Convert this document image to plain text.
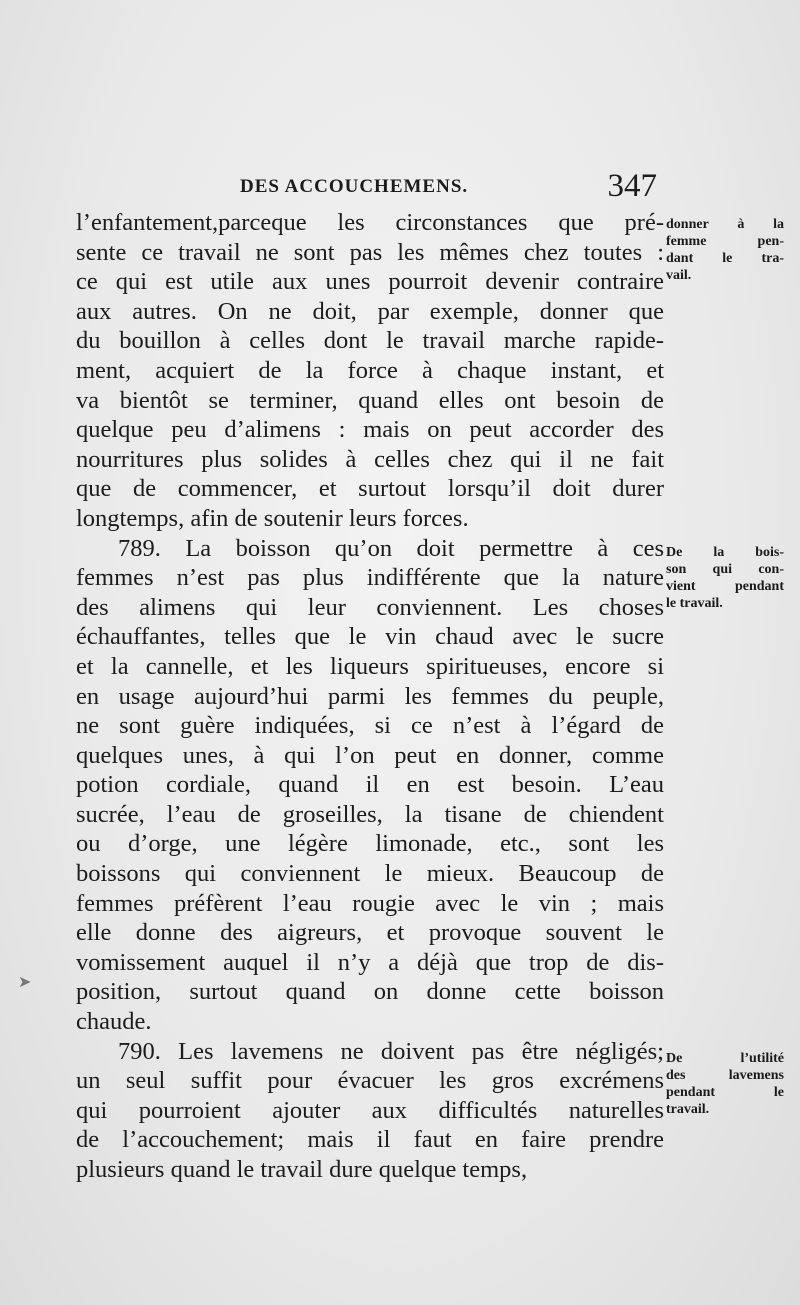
DES ACCOUCHEMENS.	347
l’enfantement,parceque les circonstances que pré-
sente ce travail ne sont pas les mêmes chez toutes :
ce qui est utile aux unes pourroit devenir contraire
aux autres. On ne doit, par exemple, donner que
du bouillon à celles dont le travail marche rapide-
ment, acquiert de la force à chaque instant, et
va bientôt se terminer, quand elles ont besoin de
quelque peu d’alimens : mais on peut accorder des
nourritures plus solides à celles chez qui il ne fait
que de commencer, et surtout lorsqu’il doit durer
longtemps, afin de soutenir leurs forces.
789. La boisson qu’on doit permettre à ces
femmes n’est pas plus indifférente que la nature
des alimens qui leur conviennent. Les choses
échauffantes, telles que le vin chaud avec le sucre
et la cannelle, et les liqueurs spiritueuses, encore si
en usage aujourd’hui parmi les femmes du peuple,
ne sont guère indiquées, si ce n’est à l’égard de
quelques unes, à qui l’on peut en donner, comme
potion cordiale, quand il en est besoin. L’eau
sucrée, l’eau de groseilles, la tisane de chiendent
ou d’orge, une légère limonade, etc., sont les
boissons qui conviennent le mieux. Beaucoup de
femmes préfèrent l’eau rougie avec le vin ; mais
elle donne des aigreurs, et provoque souvent le
vomissement auquel il n’y a déjà que trop de dis-
position, surtout quand on donne cette boisson
chaude.
790. Les lavemens ne doivent pas être négligés;
un seul suffit pour évacuer les gros excrémens
qui pourroient ajouter aux difficultés naturelles
de l’accouchement; mais il faut en faire prendre
plusieurs quand le travail dure quelque temps,
donner à la
femme pen-
dant le tra-
vail.
De la bois-
son qui con-
vient pendant
le travail.
De l’utilité
des lavemens
pendant le
travail.
➤
